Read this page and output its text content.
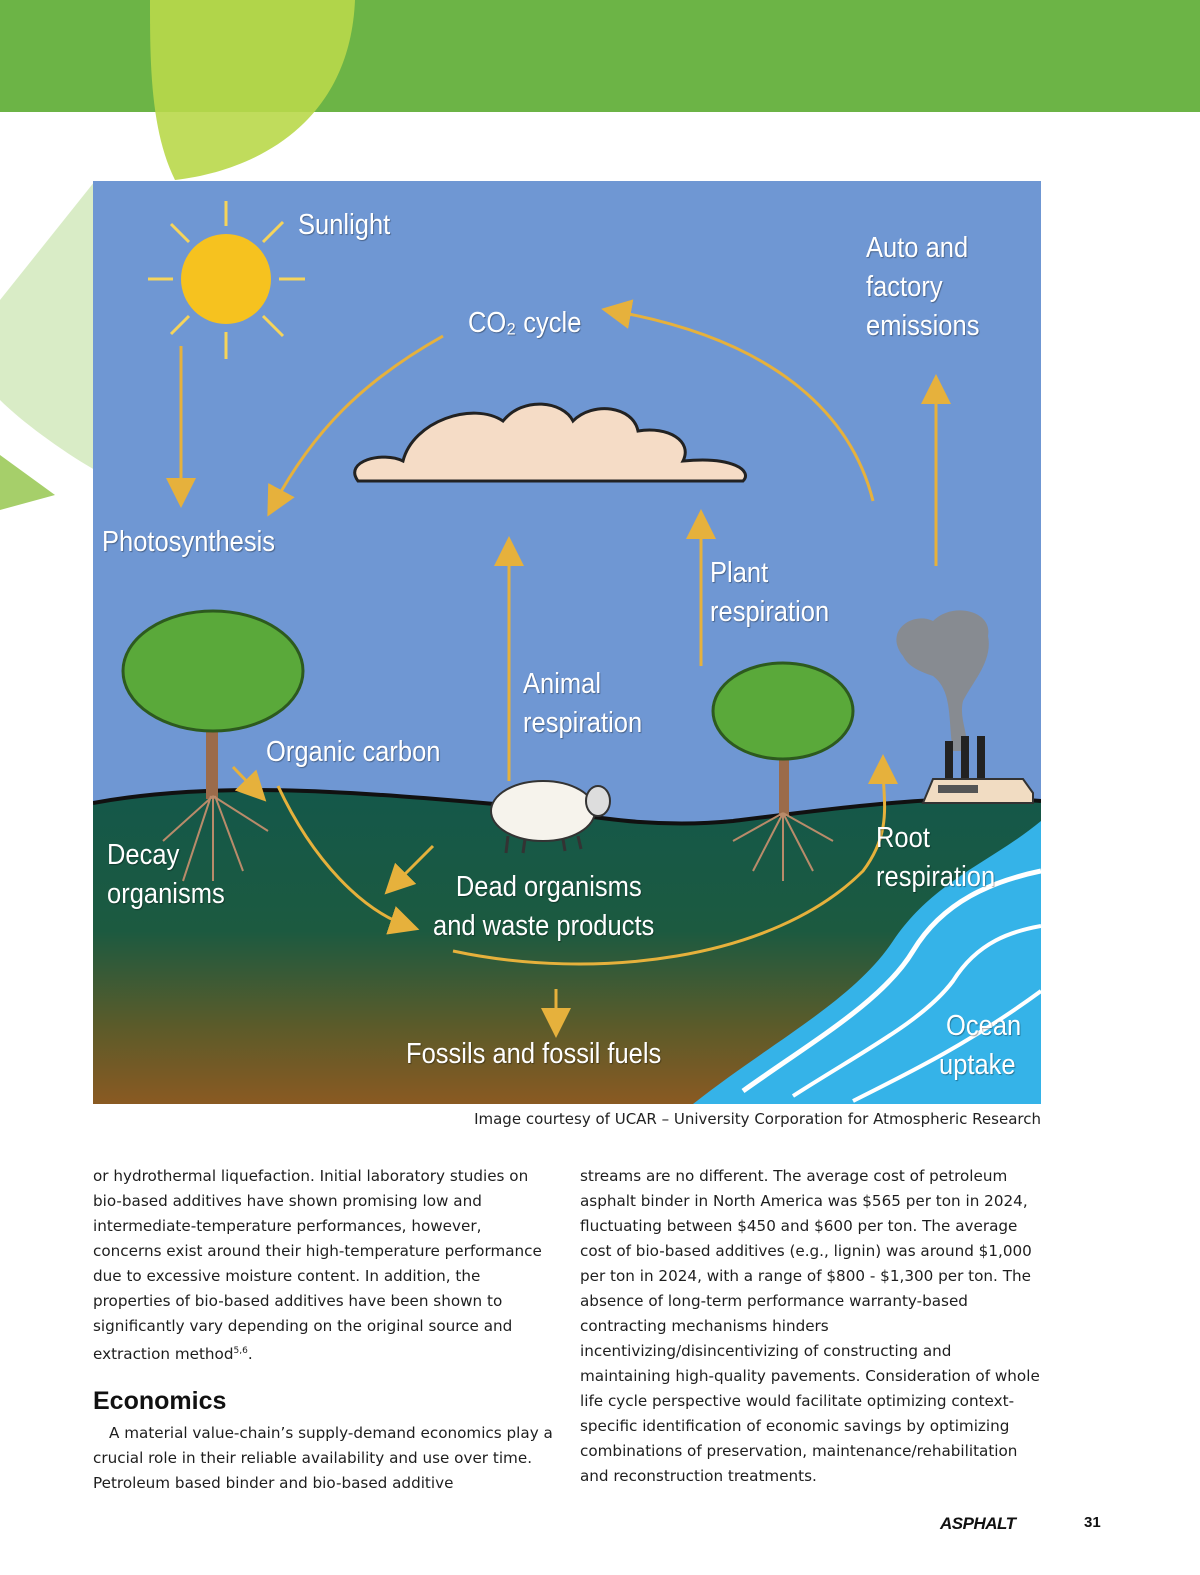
Sunlight
CO₂ cycle
Auto and
factory
emissions
Photosynthesis
Plant
respiration
Animal
respiration
Organic carbon
Decay
organisms	Dead organisms
and waste products
Root
respiration
Fossils and fossil fuels
Ocean
uptake
Image courtesy of UCAR – University Corporation for Atmospheric Research

or hydrothermal liquefaction. Initial laboratory studies on bio-based additives have shown promising low and intermediate-temperature performances, however, concerns exist around their high-temperature performance due to excessive moisture content. In addition, the properties of bio-based additives have been shown to significantly vary depending on the original source and extraction method$^{5,6}$.

Economics

A material value-chain’s supply-demand economics play a crucial role in their reliable availability and use over time. Petroleum based binder and bio-based additive

streams are no different. The average cost of petroleum asphalt binder in North America was $565 per ton in 2024, fluctuating between $450 and $600 per ton. The average cost of bio-based additives (e.g., lignin) was around $1,000 per ton in 2024, with a range of $800 - $1,300 per ton. The absence of long-term performance warranty-based contracting mechanisms hinders incentivizing/disincentivizing of constructing and maintaining high-quality pavements. Consideration of whole life cycle perspective would facilitate optimizing context-specific identification of economic savings by optimizing combinations of preservation, maintenance/rehabilitation and reconstruction treatments.

ASPHALT	31
